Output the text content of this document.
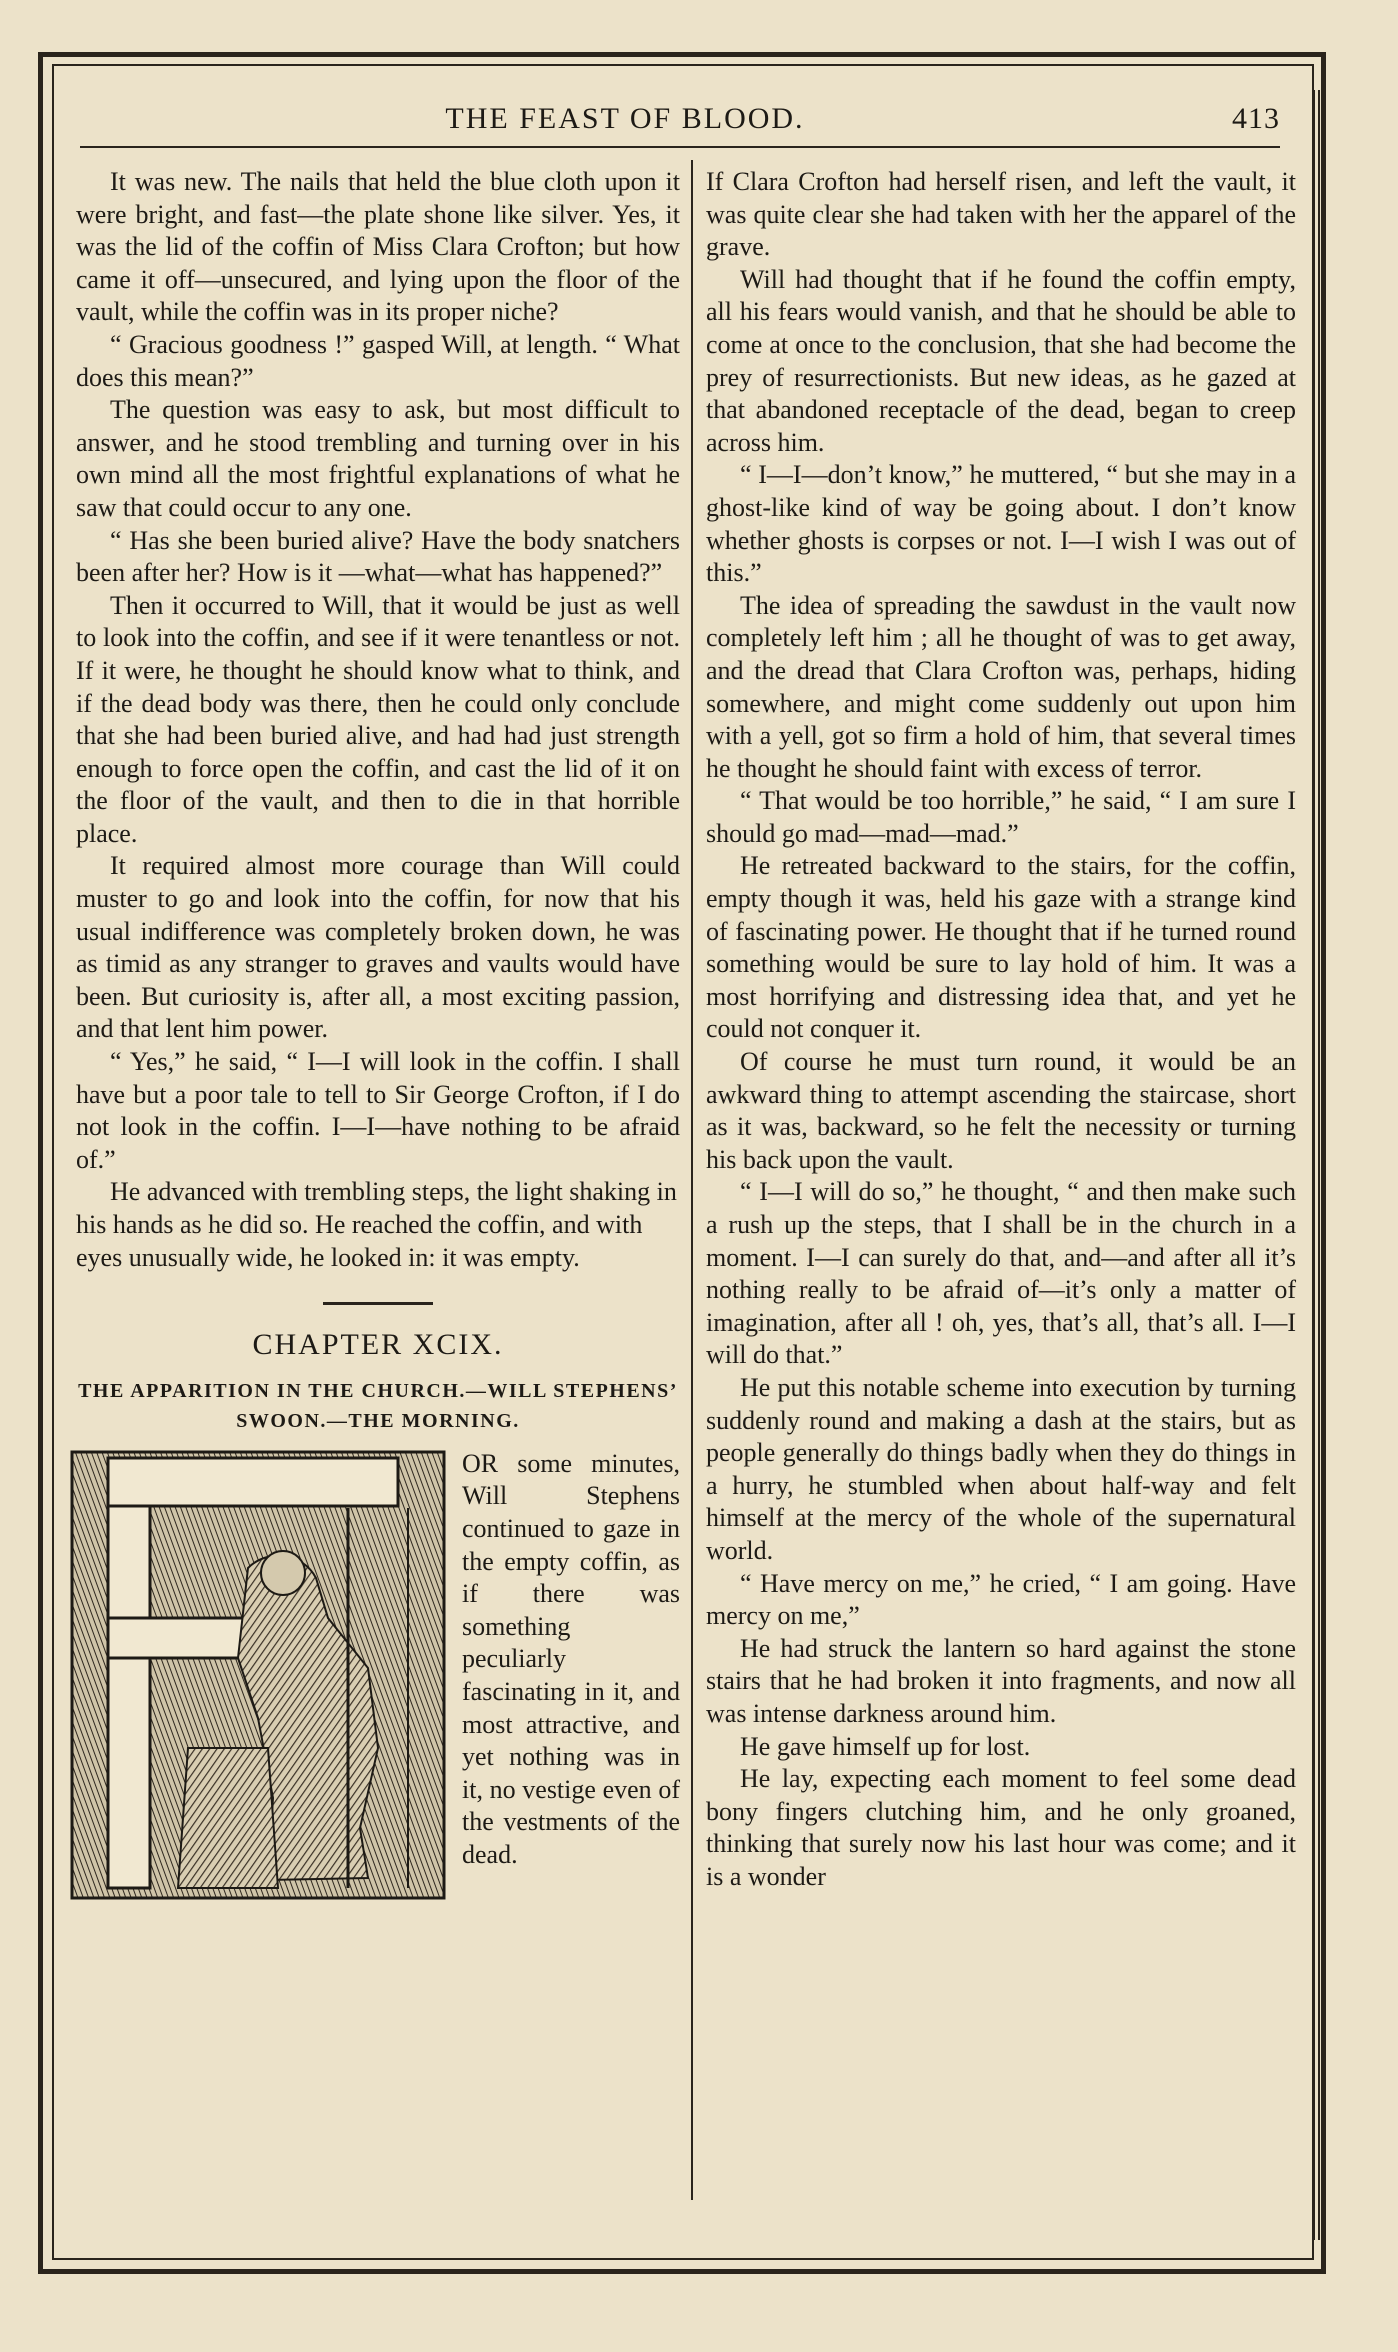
THE FEAST OF BLOOD.	413

It was new. The nails that held the blue cloth upon it were bright, and fast—the plate shone like silver. Yes, it was the lid of the coffin of Miss Clara Crofton; but how came it off—unsecured, and lying upon the floor of the vault, while the coffin was in its proper niche?

“ Gracious goodness !” gasped Will, at length. “ What does this mean?”

The question was easy to ask, but most difficult to answer, and he stood trembling and turning over in his own mind all the most frightful explanations of what he saw that could occur to any one.

“ Has she been buried alive? Have the body snatchers been after her? How is it —what—what has happened?”

Then it occurred to Will, that it would be just as well to look into the coffin, and see if it were tenantless or not. If it were, he thought he should know what to think, and if the dead body was there, then he could only conclude that she had been buried alive, and had had just strength enough to force open the coffin, and cast the lid of it on the floor of the vault, and then to die in that horrible place.

It required almost more courage than Will could muster to go and look into the coffin, for now that his usual indifference was completely broken down, he was as timid as any stranger to graves and vaults would have been. But curiosity is, after all, a most exciting passion, and that lent him power.

“ Yes,” he said, “ I—I will look in the coffin. I shall have but a poor tale to tell to Sir George Crofton, if I do not look in the coffin. I—I—have nothing to be afraid of.”

He advanced with trembling steps, the light shaking in his hands as he did so. He reached the coffin, and with eyes unusually wide, he looked in: it was empty.

CHAPTER XCIX.
THE APPARITION IN THE CHURCH.—WILL STEPHENS’ SWOON.—THE MORNING.

OR some minutes, Will Stephens continued to gaze in the empty coffin, as if there was something peculiarly fascinating in it, and most attractive, and yet nothing was in it, no vestige even of the vestments of the dead.

If Clara Crofton had herself risen, and left the vault, it was quite clear she had taken with her the apparel of the grave.

Will had thought that if he found the coffin empty, all his fears would vanish, and that he should be able to come at once to the conclusion, that she had become the prey of resurrectionists. But new ideas, as he gazed at that abandoned receptacle of the dead, began to creep across him.

“ I—I—don’t know,” he muttered, “ but she may in a ghost-like kind of way be going about. I don’t know whether ghosts is corpses or not. I—I wish I was out of this.”

The idea of spreading the sawdust in the vault now completely left him ; all he thought of was to get away, and the dread that Clara Crofton was, perhaps, hiding somewhere, and might come suddenly out upon him with a yell, got so firm a hold of him, that several times he thought he should faint with excess of terror.

“ That would be too horrible,” he said, “ I am sure I should go mad—mad—mad.”

He retreated backward to the stairs, for the coffin, empty though it was, held his gaze with a strange kind of fascinating power. He thought that if he turned round something would be sure to lay hold of him. It was a most horrifying and distressing idea that, and yet he could not conquer it.

Of course he must turn round, it would be an awkward thing to attempt ascending the staircase, short as it was, backward, so he felt the necessity or turning his back upon the vault.

“ I—I will do so,” he thought, “ and then make such a rush up the steps, that I shall be in the church in a moment. I—I can surely do that, and—and after all it’s nothing really to be afraid of—it’s only a matter of imagination, after all ! oh, yes, that’s all, that’s all. I—I will do that.”

He put this notable scheme into execution by turning suddenly round and making a dash at the stairs, but as people generally do things badly when they do things in a hurry, he stumbled when about half-way and felt himself at the mercy of the whole of the supernatural world.

“ Have mercy on me,” he cried, “ I am going. Have mercy on me,”

He had struck the lantern so hard against the stone stairs that he had broken it into fragments, and now all was intense darkness around him.

He gave himself up for lost.

He lay, expecting each moment to feel some dead bony fingers clutching him, and he only groaned, thinking that surely now his last hour was come; and it is a wonder
